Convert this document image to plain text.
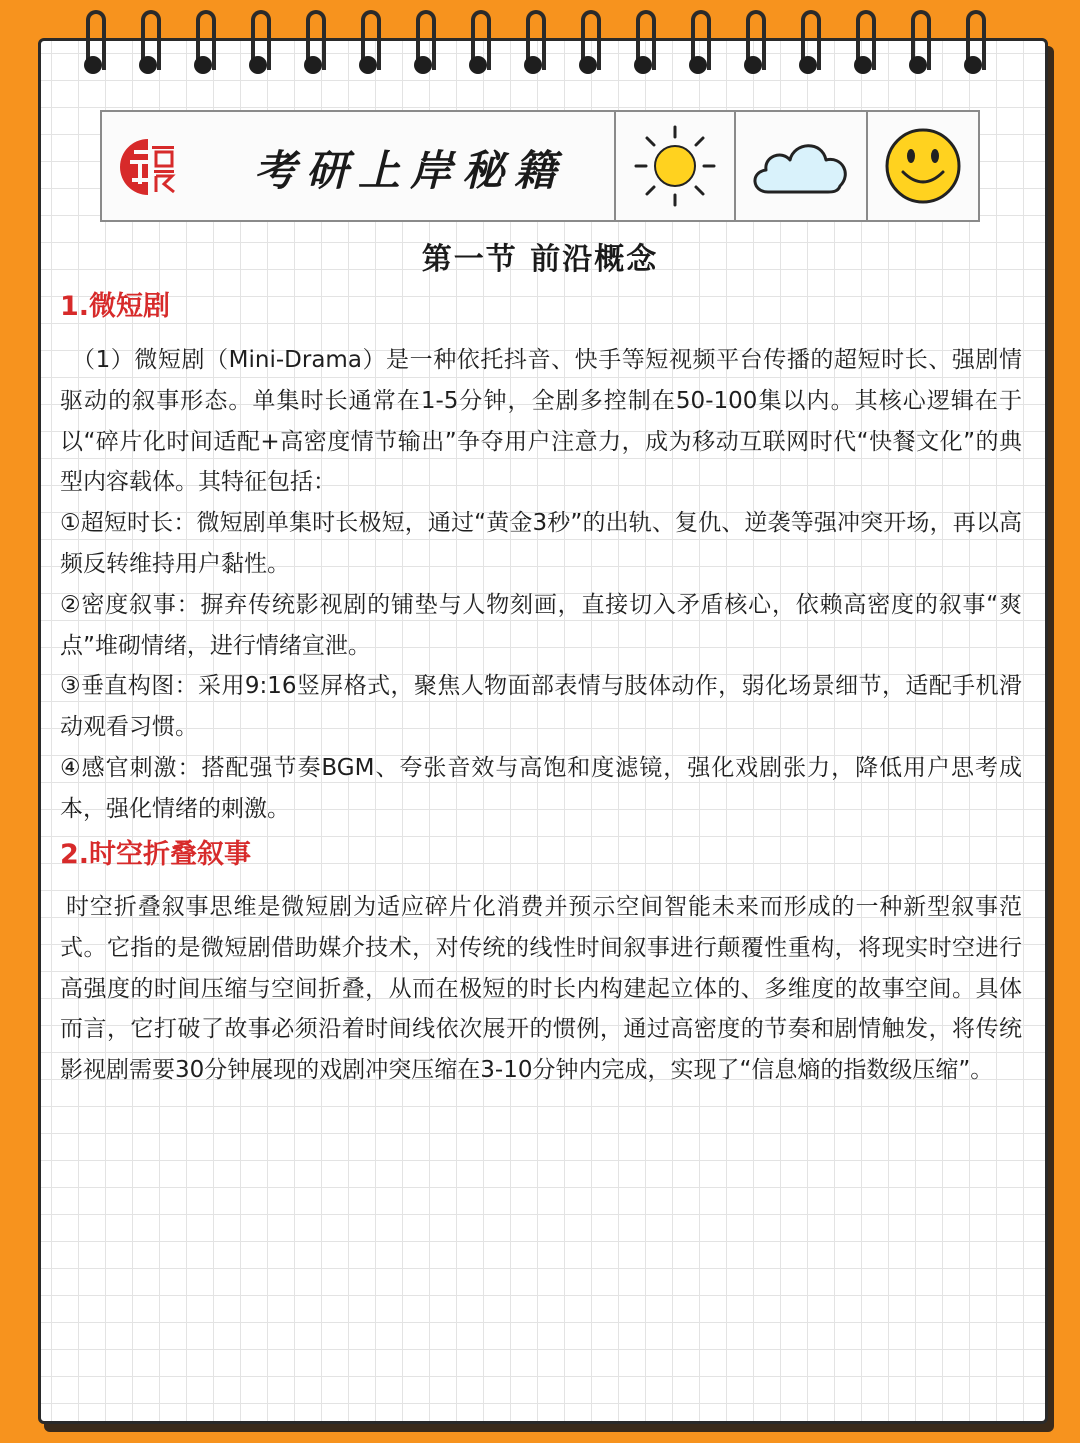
考研上岸秘籍
第一节 前沿概念
1.微短剧

（1）微短剧（Mini-Drama）是一种依托抖音、快手等短视频平台传播的超短时长、强剧情驱动的叙事形态。单集时长通常在1-5分钟，全剧多控制在50-100集以内。其核心逻辑在于以“碎片化时间适配+高密度情节输出”争夺用户注意力，成为移动互联网时代“快餐文化”的典型内容载体。其特征包括：

①超短时长：微短剧单集时长极短，通过“黄金3秒”的出轨、复仇、逆袭等强冲突开场，再以高频反转维持用户黏性。

②密度叙事：摒弃传统影视剧的铺垫与人物刻画，直接切入矛盾核心，依赖高密度的叙事“爽点”堆砌情绪，进行情绪宣泄。

③垂直构图：采用9:16竖屏格式，聚焦人物面部表情与肢体动作，弱化场景细节，适配手机滑动观看习惯。

④感官刺激：搭配强节奏BGM、夸张音效与高饱和度滤镜，强化戏剧张力，降低用户思考成本，强化情绪的刺激。

2.时空折叠叙事

时空折叠叙事思维是微短剧为适应碎片化消费并预示空间智能未来而形成的一种新型叙事范式。它指的是微短剧借助媒介技术，对传统的线性时间叙事进行颠覆性重构，将现实时空进行高强度的时间压缩与空间折叠，从而在极短的时长内构建起立体的、多维度的故事空间。具体而言，它打破了故事必须沿着时间线依次展开的惯例，通过高密度的节奏和剧情触发，将传统影视剧需要30分钟展现的戏剧冲突压缩在3-10分钟内完成，实现了“信息熵的指数级压缩”。
